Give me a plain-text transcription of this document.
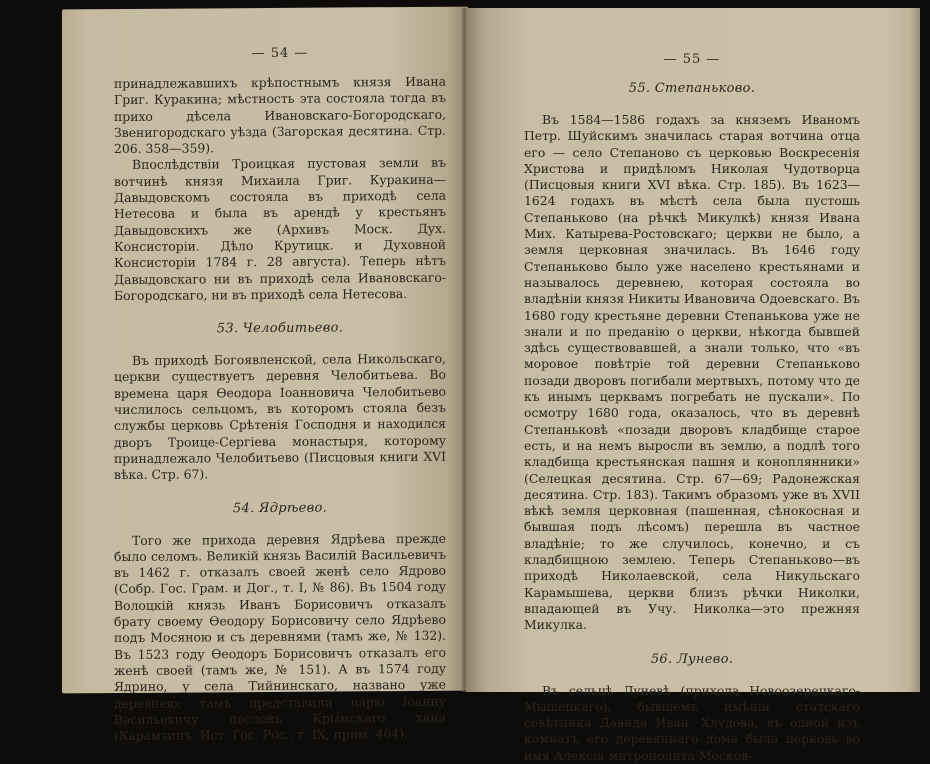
— 54 —

принадлежавшихъ крѣпостнымъ князя Ивана Григ. Куракина; мѣстность эта состояла тогда въ прихо дѣсела Ивановскаго-Богородскаго, Звенигородскаго уѣзда (Загорская десятина. Стр. 206. 358—359).

Впослѣдствіи Троицкая пустовая земли въ вотчинѣ князя Михаила Григ. Куракина—Давыдовскомъ состояла въ приходѣ села Нетесова и была въ арендѣ у крестьянъ Давыдовскихъ же (Архивъ Моск. Дух. Консисторіи. Дѣло Крутицк. и Духовной Консисторіи 1784 г. 28 августа). Теперь нѣтъ Давыдовскаго ни въ приходѣ села Ивановскаго-Богородскаго, ни въ приходѣ села Нетесова.

53. Челобитьево.

Въ приходѣ Богоявленской, села Никольскаго, церкви существуетъ деревня Челобитьева. Во времена царя Ѳеодора Іоанновича Челобитьево числилось сельцомъ, въ которомъ стояла безъ службы церковь Срѣтенія Господня и находился дворъ Троице-Сергіева монастыря, которому принадлежало Челобитьево (Писцовыя книги XVI вѣка. Стр. 67).

54. Ядрѣево.

Того же прихода деревня Ядрѣева прежде было селомъ. Великій князь Василій Васильевичъ въ 1462 г. отказалъ своей женѣ село Ядрово (Собр. Гос. Грам. и Дог., т. I, № 86). Въ 1504 году Волоцкій князь Иванъ Борисовичъ отказалъ брату своему Ѳеодору Борисовичу село Ядрѣево подъ Мосяною и съ деревнями (тамъ же, № 132). Въ 1523 году Ѳеодоръ Борисовичъ отказалъ его женѣ своей (тамъ же, № 151). А въ 1574 году Ядрино, у села Тийнинскаго, названо уже деревнею; тамъ представили царю Іоанну Васильевичу пословъ Крымскаго хана (Карамзинъ. Ист. Гос. Рос., т. IX, прим. 404).

— 55 —
55. Степаньково.

Въ 1584—1586 годахъ за княземъ Иваномъ Петр. Шуйскимъ значилась старая вотчина отца его — село Степаново съ церковью Воскресенія Христова и придѣломъ Николая Чудотворца (Писцовыя книги XVI вѣка. Стр. 185). Въ 1623—1624 годахъ въ мѣстѣ села была пустошь Степаньково (на рѣчкѣ Микулкѣ) князя Ивана Мих. Катырева-Ростовскаго; церкви не было, а земля церковная значилась. Въ 1646 году Степаньково было уже населено крестьянами и называлось деревнею, которая состояла во владѣніи князя Никиты Ивановича Одоевскаго. Въ 1680 году крестьяне деревни Степанькова уже не знали и по преданію о церкви, нѣкогда бывшей здѣсь существовавшей, а знали только, что «въ моровое повѣтріе той деревни Степаньково позади дворовъ погибали мертвыхъ, потому что де къ инымъ церквамъ погребать не пускали». По осмотру 1680 года, оказалось, что въ деревнѣ Степаньковѣ «позади дворовъ кладбище старое есть, и на немъ выросли въ землю, а подлѣ того кладбища крестьянская пашня и коноплянники» (Селецкая десятина. Стр. 67—69; Радонежская десятина. Стр. 183). Такимъ образомъ уже въ XVII вѣкѣ земля церковная (пашенная, сѣнокосная и бывшая подъ лѣсомъ) перешла въ частное владѣніе; то же случилось, конечно, и съ кладбищною землею. Теперь Степаньково—въ приходѣ Николаевской, села Никульскаго Карамышева, церкви близъ рѣчки Николки, впадающей въ Учу. Николка—это прежняя Микулка.

56. Лунево.

Въ сельцѣ Луневѣ (прихода Новоозерецкаго-Мышецкаго), бывшемъ имѣніи статскаго совѣтника Давида Иван. Хлудова, въ одной изъ комнатъ его деревяннаго дома была церковь во имя Алексія митрополита Москов-
